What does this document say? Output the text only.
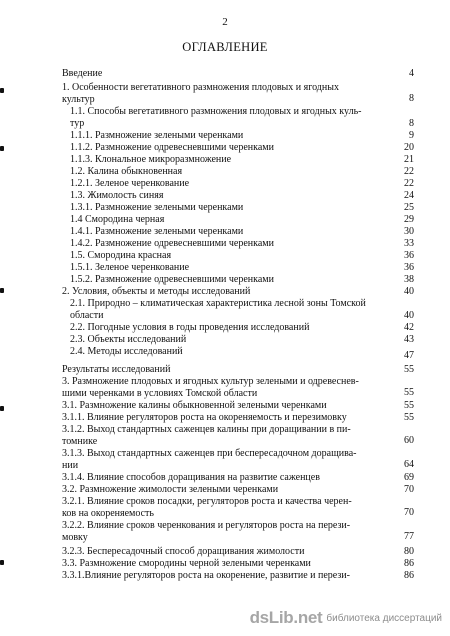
2
ОГЛАВЛЕНИЕ
Введение	4
1. Особенности вегетативного размножения плодовых и ягодных
культур	8
1.1. Способы вегетативного размножения плодовых и ягодных куль-
тур	8
1.1.1. Размножение зелеными черенками	9
1.1.2. Размножение одревесневшими черенками	20
1.1.3. Клональное микроразмножение	21
1.2. Калина обыкновенная	22
1.2.1. Зеленое черенкование	22
1.3. Жимолость синяя	24
1.3.1. Размножение зелеными черенками	25
1.4 Смородина черная	29
1.4.1. Размножение зелеными черенками	30
1.4.2. Размножение одревесневшими черенками	33
1.5. Смородина красная	36
1.5.1. Зеленое черенкование	36
1.5.2. Размножение одревесневшими черенками	38
2. Условия, объекты и методы исследований	40
2.1. Природно – климатическая характеристика лесной зоны Томской
области	40
2.2. Погодные условия в годы проведения исследований	42
2.3. Объекты исследований	43
2.4. Методы исследований	47
Результаты исследований	55
3. Размножение плодовых и ягодных культур зелеными и одревеснев-
шими черенками в условиях Томской области	55
3.1. Размножение калины обыкновенной зелеными черенками	55
3.1.1. Влияние регуляторов роста на окореняемость и перезимовку	55
3.1.2. Выход стандартных саженцев калины при доращивании в пи-
томнике	60
3.1.3. Выход стандартных саженцев при беспересадочном доращива-
нии	64
3.1.4. Влияние способов доращивания на развитие саженцев	69
3.2. Размножение жимолости зелеными черенками	70
3.2.1. Влияние сроков посадки, регуляторов роста и качества черен-
ков на окореняемость	70
3.2.2. Влияние сроков черенкования и регуляторов роста на перези-
мовку	77
3.2.3. Беспересадочный способ доращивания жимолости	80
3.3. Размножение смородины черной зелеными черенками	86
3.3.1.Влияние регуляторов роста на окоренение, развитие и перези-	86
dsLib.net библиотека диссертаций
